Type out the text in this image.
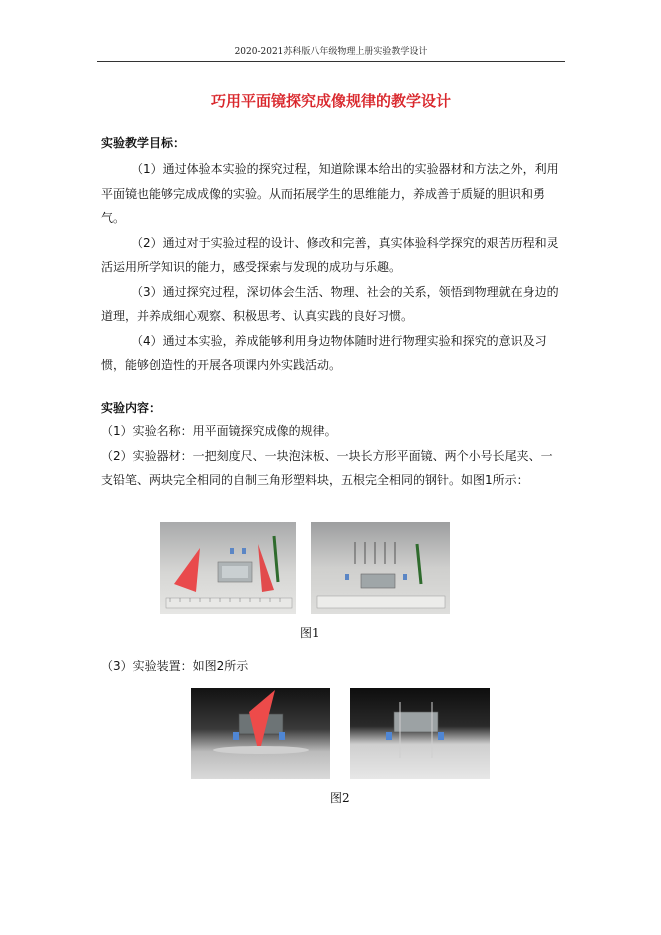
2020-2021苏科版八年级物理上册实验教学设计
巧用平面镜探究成像规律的教学设计
实验教学目标：
（1）通过体验本实验的探究过程，知道除课本给出的实验器材和方法之外，利用平面镜也能够完成成像的实验。从而拓展学生的思维能力，养成善于质疑的胆识和勇气。
（2）通过对于实验过程的设计、修改和完善，真实体验科学探究的艰苦历程和灵活运用所学知识的能力，感受探索与发现的成功与乐趣。
（3）通过探究过程，深切体会生活、物理、社会的关系，领悟到物理就在身边的道理，并养成细心观察、积极思考、认真实践的良好习惯。
（4）通过本实验，养成能够利用身边物体随时进行物理实验和探究的意识及习惯，能够创造性的开展各项课内外实践活动。
实验内容：
（1）实验名称：用平面镜探究成像的规律。
（2）实验器材：一把刻度尺、一块泡沫板、一块长方形平面镜、两个小号长尾夹、一支铅笔、两块完全相同的自制三角形塑料块，五根完全相同的钢针。如图1所示：
图1
（3）实验装置：如图2所示
图2
